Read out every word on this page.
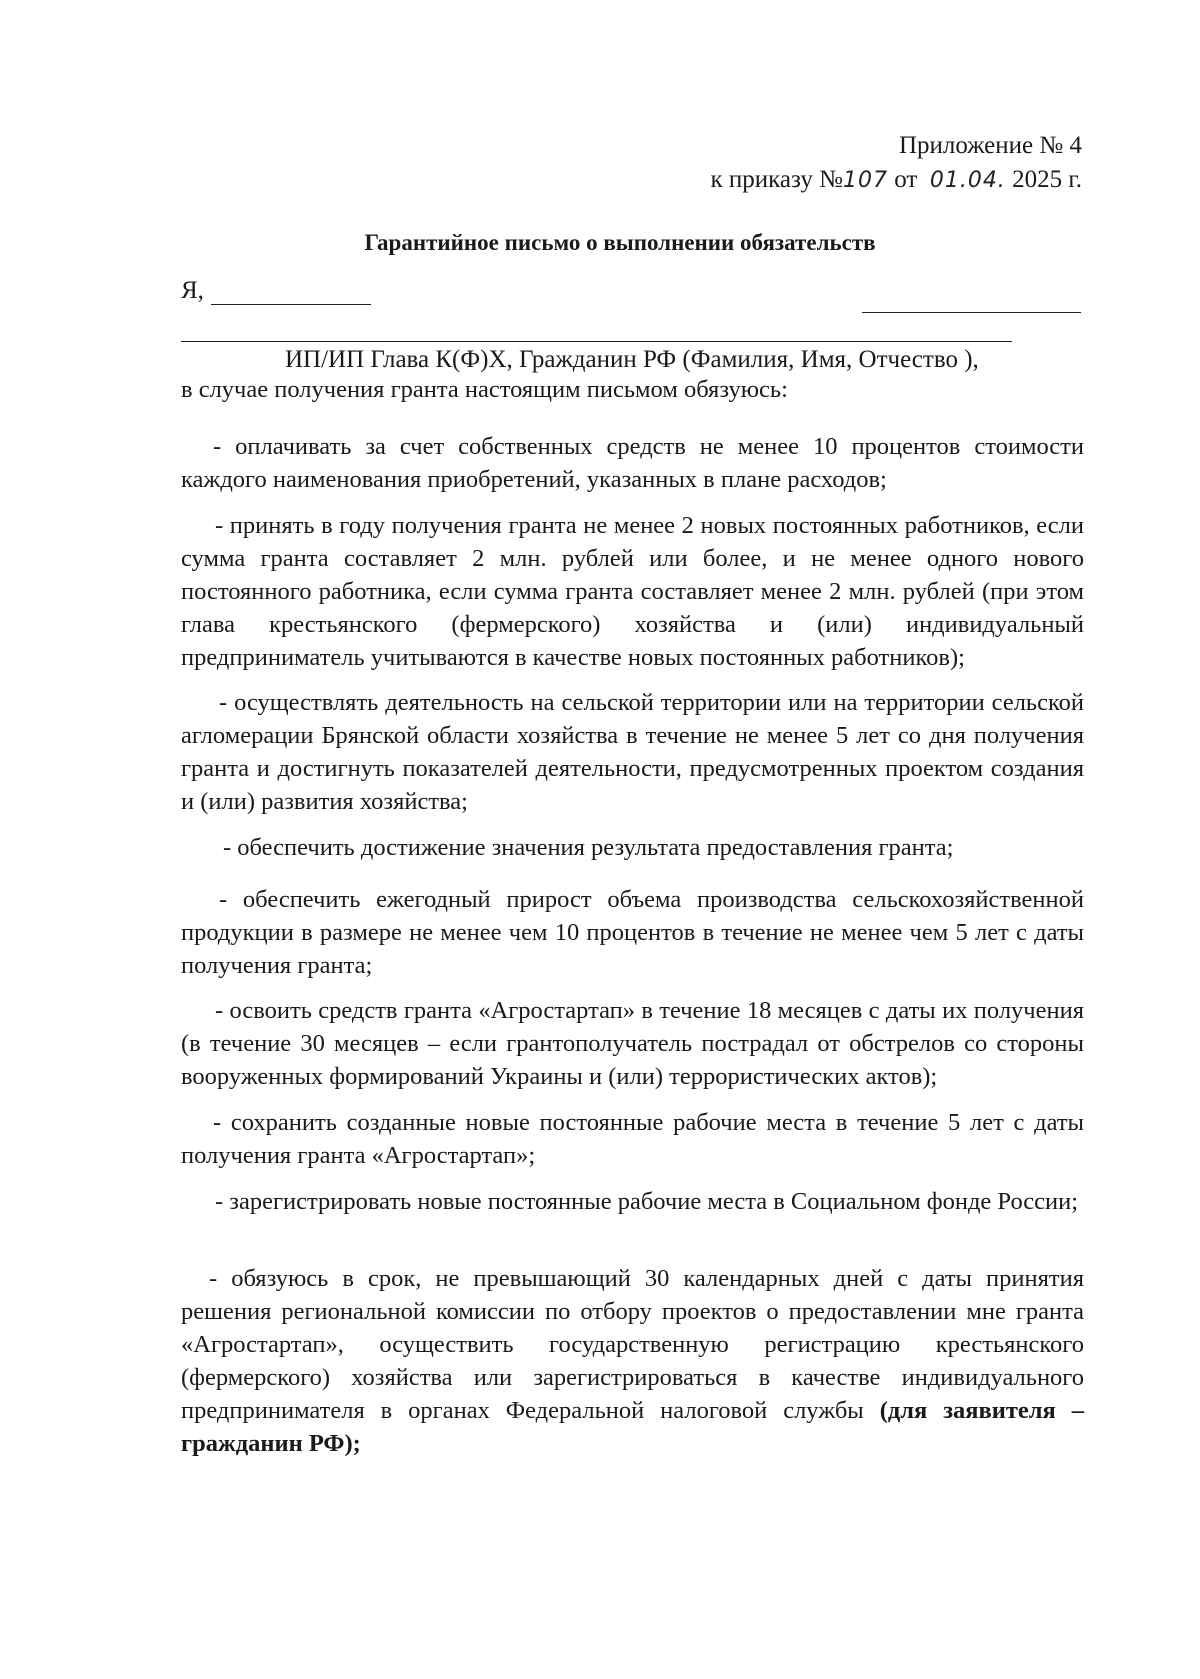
Приложение № 4
к приказу №107 от 01.04. 2025 г.
Гарантийное письмо о выполнении обязательств
Я,
ИП/ИП Глава К(Ф)Х, Гражданин РФ (Фамилия, Имя, Отчество ),
в случае получения гранта настоящим письмом обязуюсь:
- оплачивать за счет собственных средств не менее 10 процентов стоимости каждого наименования приобретений, указанных в плане расходов;
- принять в году получения гранта не менее 2 новых постоянных работников, если сумма гранта составляет 2 млн. рублей или более, и не менее одного нового постоянного работника, если сумма гранта составляет менее 2 млн. рублей (при этом глава крестьянского (фермерского) хозяйства и (или) индивидуальный предприниматель учитываются в качестве новых постоянных работников);
- осуществлять деятельность на сельской территории или на территории сельской агломерации Брянской области хозяйства в течение не менее 5 лет со дня получения гранта и достигнуть показателей деятельности, предусмотренных проектом создания и (или) развития хозяйства;
- обеспечить достижение значения результата предоставления гранта;
- обеспечить ежегодный прирост объема производства сельскохозяйственной продукции в размере не менее чем 10 процентов в течение не менее чем 5 лет с даты получения гранта;
- освоить средств гранта «Агростартап» в течение 18 месяцев с даты их получения (в течение 30 месяцев – если грантополучатель пострадал от обстрелов со стороны вооруженных формирований Украины и (или) террористических актов);
- сохранить созданные новые постоянные рабочие места в течение 5 лет с даты получения гранта «Агростартап»;
- зарегистрировать новые постоянные рабочие места в Социальном фонде России;
- обязуюсь в срок, не превышающий 30 календарных дней с даты принятия решения региональной комиссии по отбору проектов о предоставлении мне гранта «Агростартап», осуществить государственную регистрацию крестьянского (фермерского) хозяйства или зарегистрироваться в качестве индивидуального предпринимателя в органах Федеральной налоговой службы (для заявителя – гражданин РФ);
